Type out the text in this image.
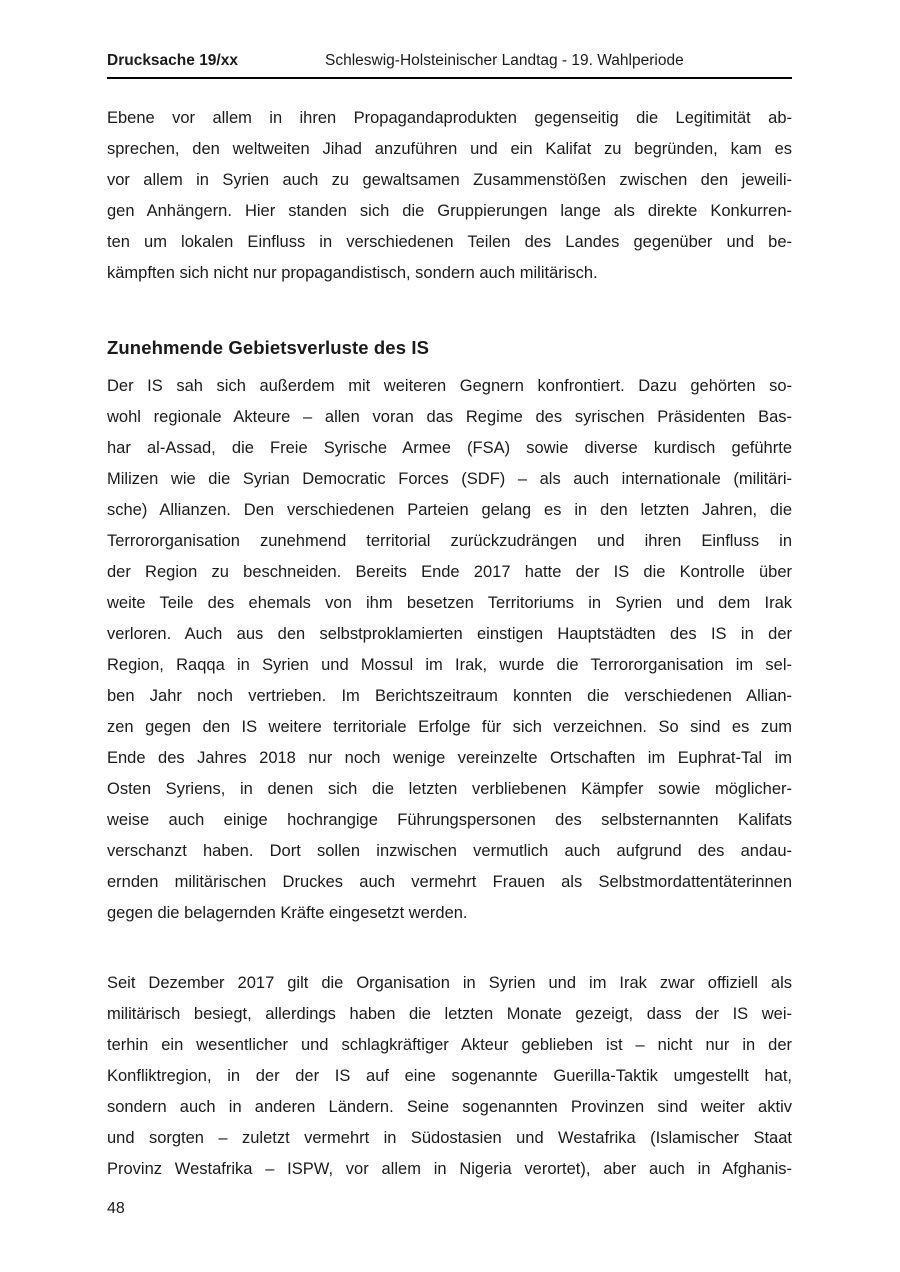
Drucksache 19/xx	Schleswig-Holsteinischer Landtag - 19. Wahlperiode
Ebene vor allem in ihren Propagandaprodukten gegenseitig die Legitimität ab-
sprechen, den weltweiten Jihad anzuführen und ein Kalifat zu begründen, kam es
vor allem in Syrien auch zu gewaltsamen Zusammenstößen zwischen den jeweili-
gen Anhängern. Hier standen sich die Gruppierungen lange als direkte Konkurren-
ten um lokalen Einfluss in verschiedenen Teilen des Landes gegenüber und be-
kämpften sich nicht nur propagandistisch, sondern auch militärisch.
Zunehmende Gebietsverluste des IS
Der IS sah sich außerdem mit weiteren Gegnern konfrontiert. Dazu gehörten so-
wohl regionale Akteure – allen voran das Regime des syrischen Präsidenten Bas-
har al-Assad, die Freie Syrische Armee (FSA) sowie diverse kurdisch geführte
Milizen wie die Syrian Democratic Forces (SDF) – als auch internationale (militäri-
sche) Allianzen. Den verschiedenen Parteien gelang es in den letzten Jahren, die
Terrororganisation zunehmend territorial zurückzudrängen und ihren Einfluss in
der Region zu beschneiden. Bereits Ende 2017 hatte der IS die Kontrolle über
weite Teile des ehemals von ihm besetzen Territoriums in Syrien und dem Irak
verloren. Auch aus den selbstproklamierten einstigen Hauptstädten des IS in der
Region, Raqqa in Syrien und Mossul im Irak, wurde die Terrororganisation im sel-
ben Jahr noch vertrieben. Im Berichtszeitraum konnten die verschiedenen Allian-
zen gegen den IS weitere territoriale Erfolge für sich verzeichnen. So sind es zum
Ende des Jahres 2018 nur noch wenige vereinzelte Ortschaften im Euphrat-Tal im
Osten Syriens, in denen sich die letzten verbliebenen Kämpfer sowie möglicher-
weise auch einige hochrangige Führungspersonen des selbsternannten Kalifats
verschanzt haben. Dort sollen inzwischen vermutlich auch aufgrund des andau-
ernden militärischen Druckes auch vermehrt Frauen als Selbstmordattentäterinnen
gegen die belagernden Kräfte eingesetzt werden.
Seit Dezember 2017 gilt die Organisation in Syrien und im Irak zwar offiziell als
militärisch besiegt, allerdings haben die letzten Monate gezeigt, dass der IS wei-
terhin ein wesentlicher und schlagkräftiger Akteur geblieben ist – nicht nur in der
Konfliktregion, in der der IS auf eine sogenannte Guerilla-Taktik umgestellt hat,
sondern auch in anderen Ländern. Seine sogenannten Provinzen sind weiter aktiv
und sorgten – zuletzt vermehrt in Südostasien und Westafrika (Islamischer Staat
Provinz Westafrika – ISPW, vor allem in Nigeria verortet), aber auch in Afghanis-
48
